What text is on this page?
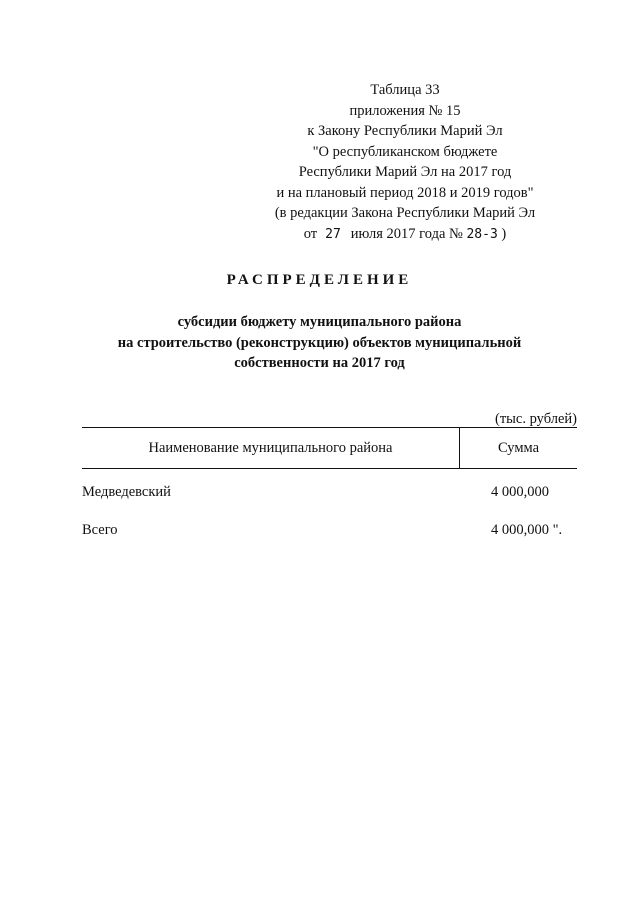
Таблица 33
приложения № 15
к Закону Республики Марий Эл
"О республиканском бюджете
Республики Марий Эл на 2017 год
и на плановый период 2018 и 2019 годов"
(в редакции Закона Республики Марий Эл
от 27 июля 2017 года № 28-З )
РАСПРЕДЕЛЕНИЕ
субсидии бюджету муниципального района
на строительство (реконструкцию) объектов муниципальной
собственности на 2017 год
(тыс. рублей)
Наименование муниципального района	Сумма
Медведевский	4 000,000
Всего	4 000,000 ".
